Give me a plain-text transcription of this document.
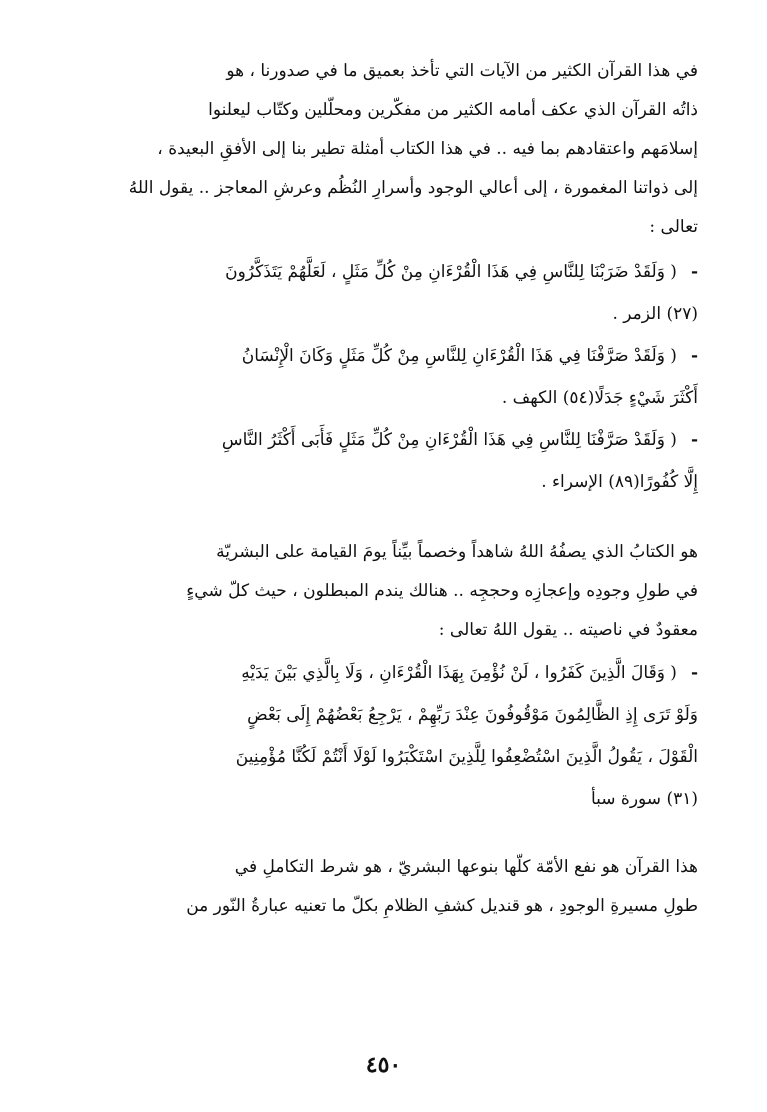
في هذا القرآن الكثير من الآيات التي تأخذ بعميق ما في صدورنا ، هو

ذاتُه القرآن الذي عكف أمامه الكثير من مفكّرين ومحلّلين وكتّاب ليعلنوا

إسلامَهم واعتقادهم بما فيه .. في هذا الكتاب أمثلة تطير بنا إلى الأفقِ البعيدة ،

إلى ذواتنا المغمورة ، إلى أعالي الوجود وأسرارِ النُظُم وعرشِ المعاجز .. يقول اللهُ

تعالى :

-( وَلَقَدْ ضَرَبْنَا لِلنَّاسِ فِي هَذَا الْقُرْءَانِ مِنْ كُلِّ مَثَلٍ ، لَعَلَّهُمْ يَتَذَكَّرُونَ

(٢٧) الزمر .

-( وَلَقَدْ صَرَّفْنَا فِي هَذَا الْقُرْءَانِ لِلنَّاسِ مِنْ كُلِّ مَثَلٍ وَكَانَ الْإِنْسَانُ

أَكْثَرَ شَيْءٍ جَدَلًا(٥٤) الكهف .

-( وَلَقَدْ صَرَّفْنَا لِلنَّاسِ فِي هَذَا الْقُرْءَانِ مِنْ كُلِّ مَثَلٍ فَأَبَى أَكْثَرُ النَّاسِ

إِلَّا كُفُورًا(٨٩) الإسراء .

هو الكتابُ الذي يصفُهُ اللهُ شاهداً وخصماً بيِّناً يومَ القيامة على البشريّة

في طولِ وجودِه وإعجازِه وحججِه .. هنالك يندم المبطلون ، حيث كلّ شيءٍ

معقودٌ في ناصيته .. يقول اللهُ تعالى :

-( وَقَالَ الَّذِينَ كَفَرُوا ، لَنْ نُؤْمِنَ بِهَذَا الْقُرْءَانِ ، وَلَا بِالَّذِي بَيْنَ يَدَيْهِ

وَلَوْ تَرَى إِذِ الظَّالِمُونَ مَوْقُوفُونَ عِنْدَ رَبِّهِمْ ، يَرْجِعُ بَعْضُهُمْ إِلَى بَعْضٍ

الْقَوْلَ ، يَقُولُ الَّذِينَ اسْتُضْعِفُوا لِلَّذِينَ اسْتَكْبَرُوا لَوْلَا أَنْتُمْ لَكُنَّا مُؤْمِنِينَ

(٣١) سورة سبأ

هذا القرآن هو نفع الأمّة كلّها بنوعها البشريّ ، هو شرط التكاملِ في

طولِ مسيرةِ الوجودِ ، هو قنديل كشفِ الظلامِ بكلّ ما تعنيه عبارةُ النّور من

٤٥٠
